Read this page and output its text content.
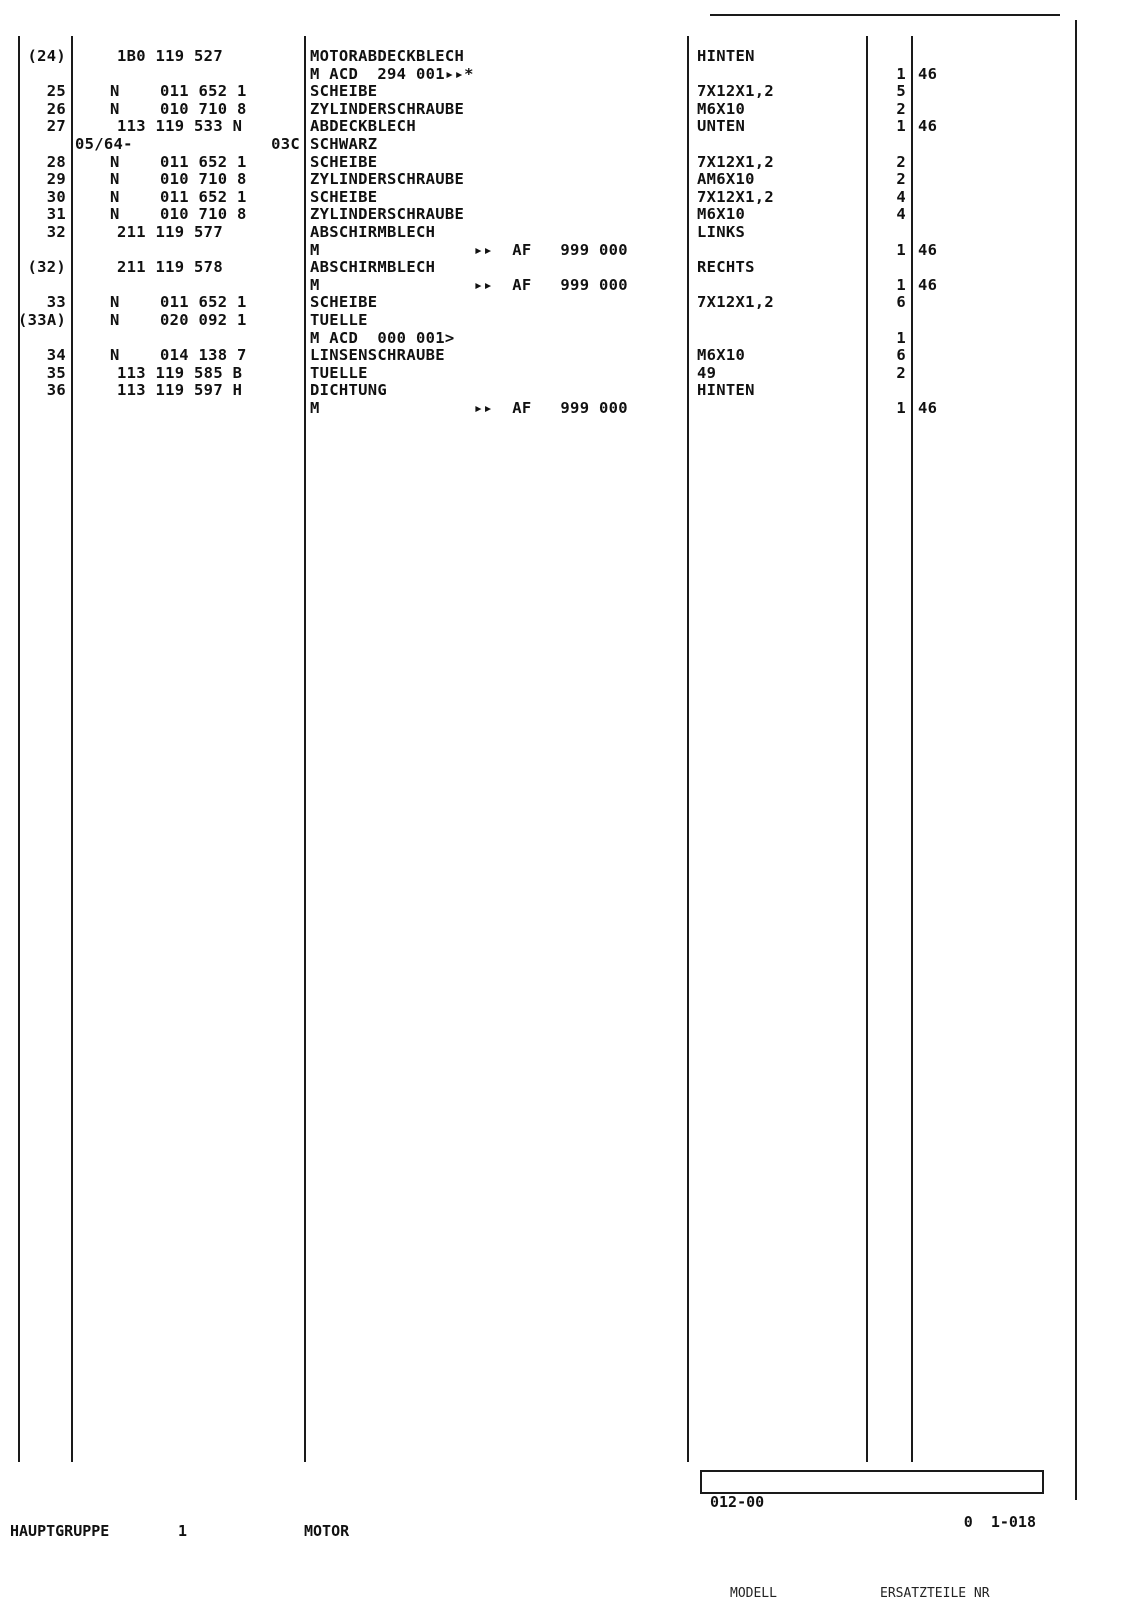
(24)	1B0 119 527	MOTORABDECKBLECH	HINTEN
M ACD  294 001▸▸*	1 46
25	N	011 652 1	SCHEIBE	7X12X1,2	5
26	N	010 710 8	ZYLINDERSCHRAUBE	M6X10	2
27	113 119 533 N	ABDECKBLECH	UNTEN	1 46
05/64-	03C SCHWARZ
28	N	011 652 1	SCHEIBE	7X12X1,2	2
29	N	010 710 8	ZYLINDERSCHRAUBE	AM6X10	2
30	N	011 652 1	SCHEIBE	7X12X1,2	4
31	N	010 710 8	ZYLINDERSCHRAUBE	M6X10	4
32	211 119 577	ABSCHIRMBLECH	LINKS
M                ▸▸  AF   999 000	1 46
(32)	211 119 578	ABSCHIRMBLECH	RECHTS
M                ▸▸  AF   999 000	1 46
33	N	011 652 1	SCHEIBE	7X12X1,2	6
(33A)	N	020 092 1	TUELLE
M ACD  000 001>	1
34	N	014 138 7	LINSENSCHRAUBE	M6X10	6
35	113 119 585 B	TUELLE	49	2
36	113 119 597 H	DICHTUNG	HINTEN
M                ▸▸  AF   999 000	1 46

012-00

0  1-018

HAUPTGRUPPE	1	MOTOR
MODELL	ERSATZTEILE NR
